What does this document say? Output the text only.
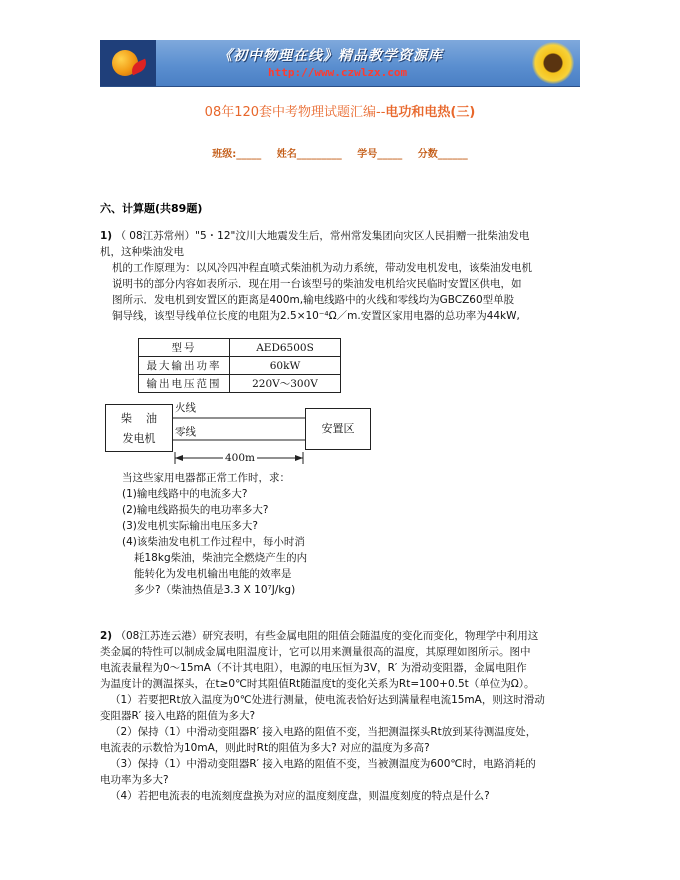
《初中物理在线》精品教学资源库
http://www.czwlzx.com
08年120套中考物理试题汇编--电功和电热(三)
班级:_____ 姓名_________ 学号_____ 分数______
六、计算题(共89题)
1) （ 08江苏常州）"5・12"汶川大地震发生后，常州常发集团向灾区人民捐赠一批柴油发电
机，这种柴油发电
机的工作原理为：以风冷四冲程直喷式柴油机为动力系统，带动发电机发电，该柴油发电机
说明书的部分内容如表所示．现在用一台该型号的柴油发电机给灾民临时安置区供电，如
图所示．发电机到安置区的距离是400m,输电线路中的火线和零线均为GBCZ60型单股
铜导线，该型导线单位长度的电阻为2.5×10⁻⁴Ω／m.安置区家用电器的总功率为44kW,
型号	AED6500S
最大输出功率	60kW
输出电压范围	220V～300V
柴    油
发电机
火线
零线	安置区
400m
当这些家用电器都正常工作时，求：
(1)输电线路中的电流多大?
(2)输电线路损失的电功率多大?
(3)发电机实际输出电压多大?
(4)该柴油发电机工作过程中，每小时消
耗18kg柴油，柴油完全燃烧产生的内
能转化为发电机输出电能的效率是
多少?（柴油热值是3.3 X 10⁷J/kg)
2) （08江苏连云港）研究表明，有些金属电阻的阻值会随温度的变化而变化，物理学中利用这
类金属的特性可以制成金属电阻温度计，它可以用来测量很高的温度，其原理如图所示。图中
电流表量程为0～15mA（不计其电阻），电源的电压恒为3V，R′ 为滑动变阻器，金属电阻作
为温度计的测温探头，在t≥0℃时其阻值Rt随温度t的变化关系为Rt=100+0.5t（单位为Ω）。
（1）若要把Rt放入温度为0℃处进行测量，使电流表恰好达到满量程电流15mA，则这时滑动
变阻器R′ 接入电路的阻值为多大?
（2）保持（1）中滑动变阻器R′ 接入电路的阻值不变，当把测温探头Rt放到某待测温度处，
电流表的示数恰为10mA，则此时Rt的阻值为多大? 对应的温度为多高?
（3）保持（1）中滑动变阻器R′ 接入电路的阻值不变，当被测温度为600℃时，电路消耗的
电功率为多大?
（4）若把电流表的电流刻度盘换为对应的温度刻度盘，则温度刻度的特点是什么?
